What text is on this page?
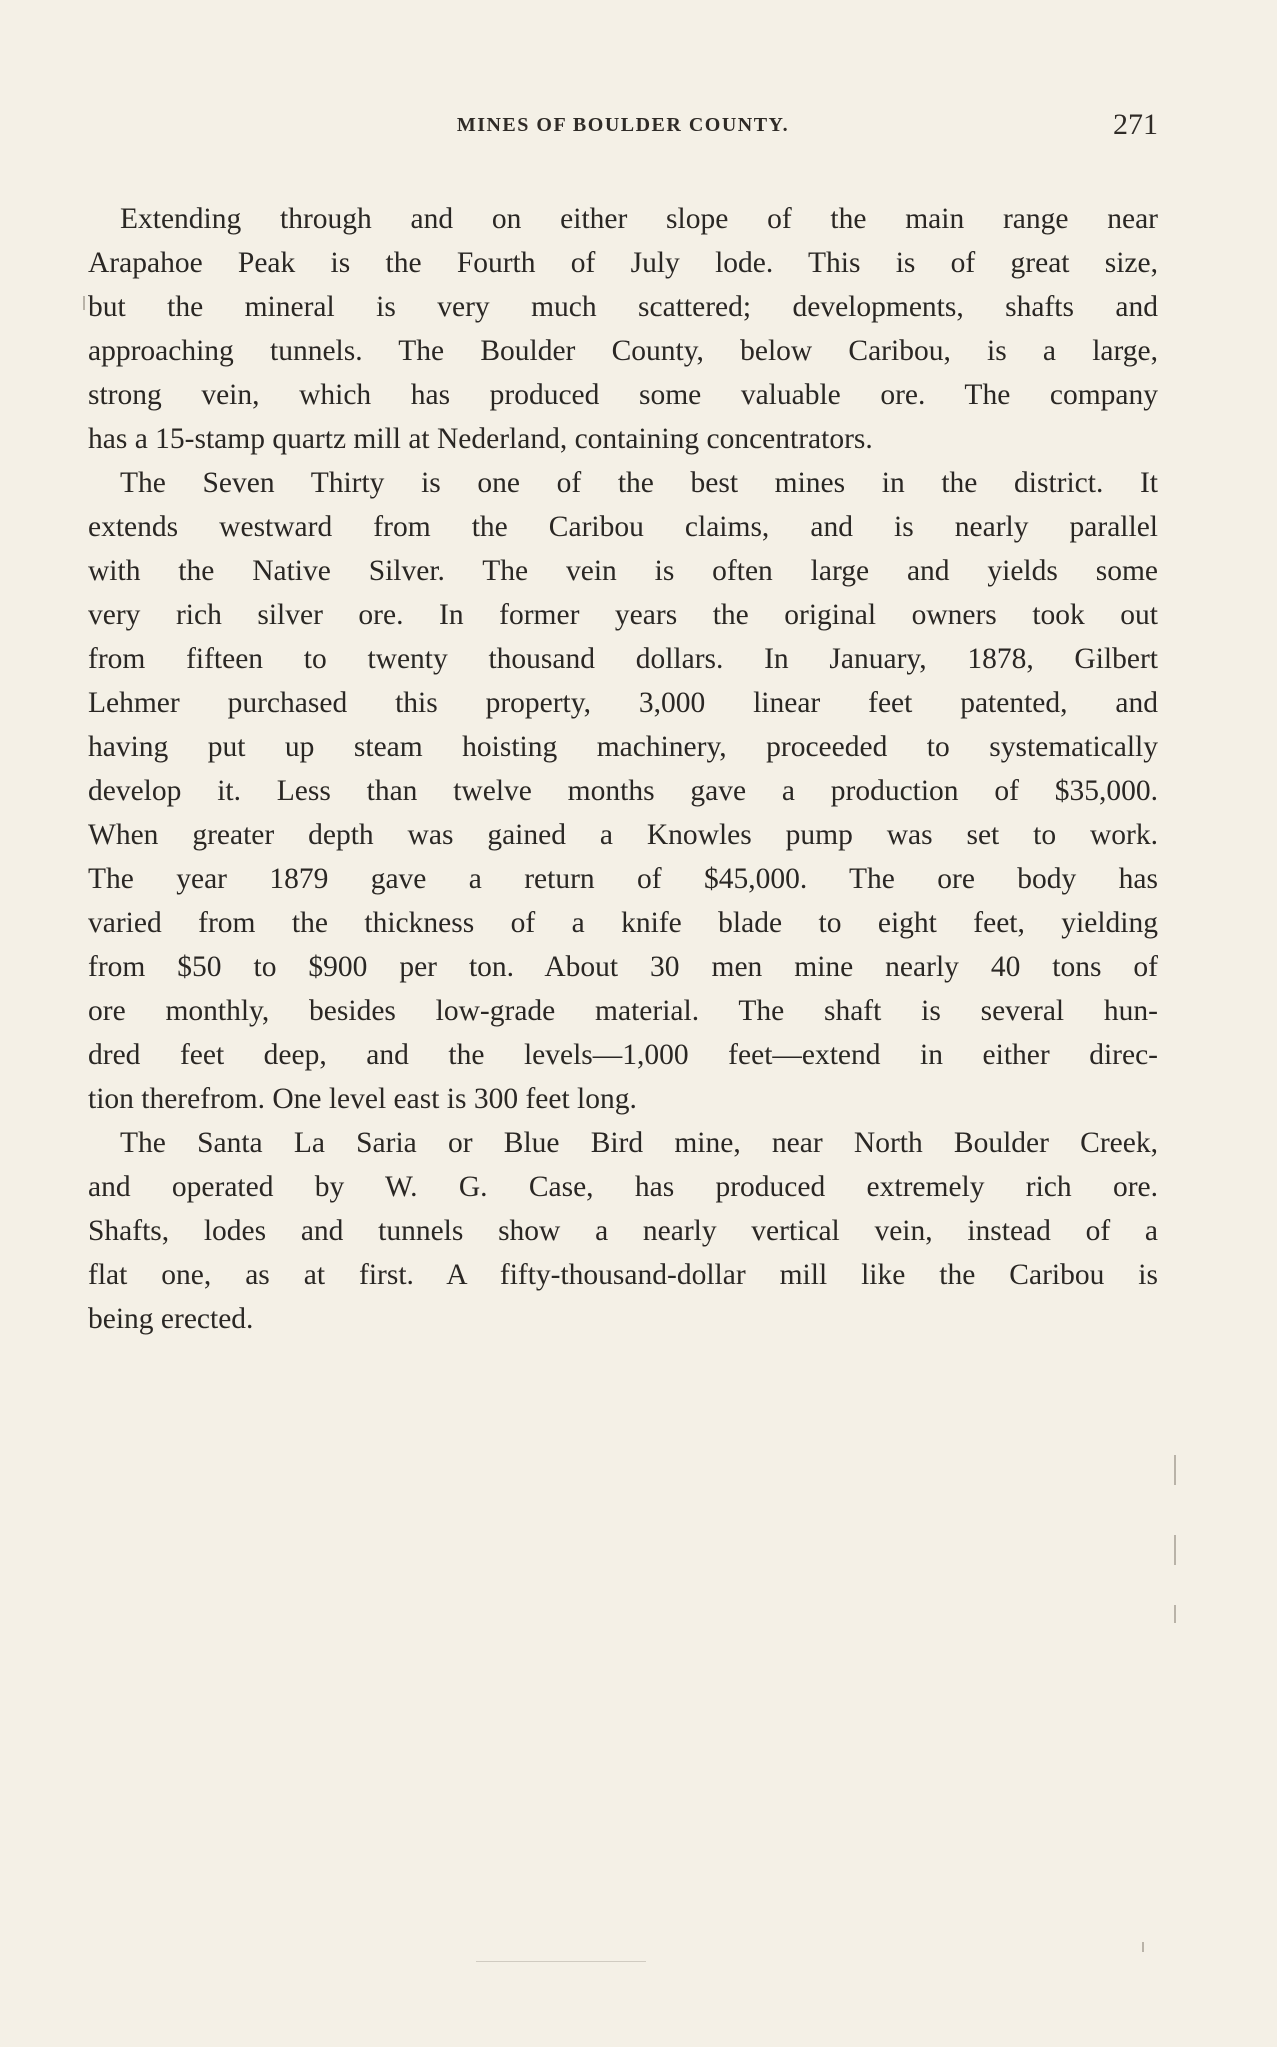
MINES OF BOULDER COUNTY.	271

Extending through and on either slope of the main range near
Arapahoe Peak is the Fourth of July lode. This is of great size,
but the mineral is very much scattered; developments, shafts and
approaching tunnels. The Boulder County, below Caribou, is a large,
strong vein, which has produced some valuable ore. The company
has a 15-stamp quartz mill at Nederland, containing concentrators.

The Seven Thirty is one of the best mines in the district. It
extends westward from the Caribou claims, and is nearly parallel
with the Native Silver. The vein is often large and yields some
very rich silver ore. In former years the original owners took out
from fifteen to twenty thousand dollars. In January, 1878, Gilbert
Lehmer purchased this property, 3,000 linear feet patented, and
having put up steam hoisting machinery, proceeded to systematically
develop it. Less than twelve months gave a production of $35,000.
When greater depth was gained a Knowles pump was set to work.
The year 1879 gave a return of $45,000. The ore body has
varied from the thickness of a knife blade to eight feet, yielding
from $50 to $900 per ton. About 30 men mine nearly 40 tons of
ore monthly, besides low-grade material. The shaft is several hun-
dred feet deep, and the levels—1,000 feet—extend in either direc-
tion therefrom. One level east is 300 feet long.

The Santa La Saria or Blue Bird mine, near North Boulder Creek,
and operated by W. G. Case, has produced extremely rich ore.
Shafts, lodes and tunnels show a nearly vertical vein, instead of a
flat one, as at first. A fifty-thousand-dollar mill like the Caribou is
being erected.
